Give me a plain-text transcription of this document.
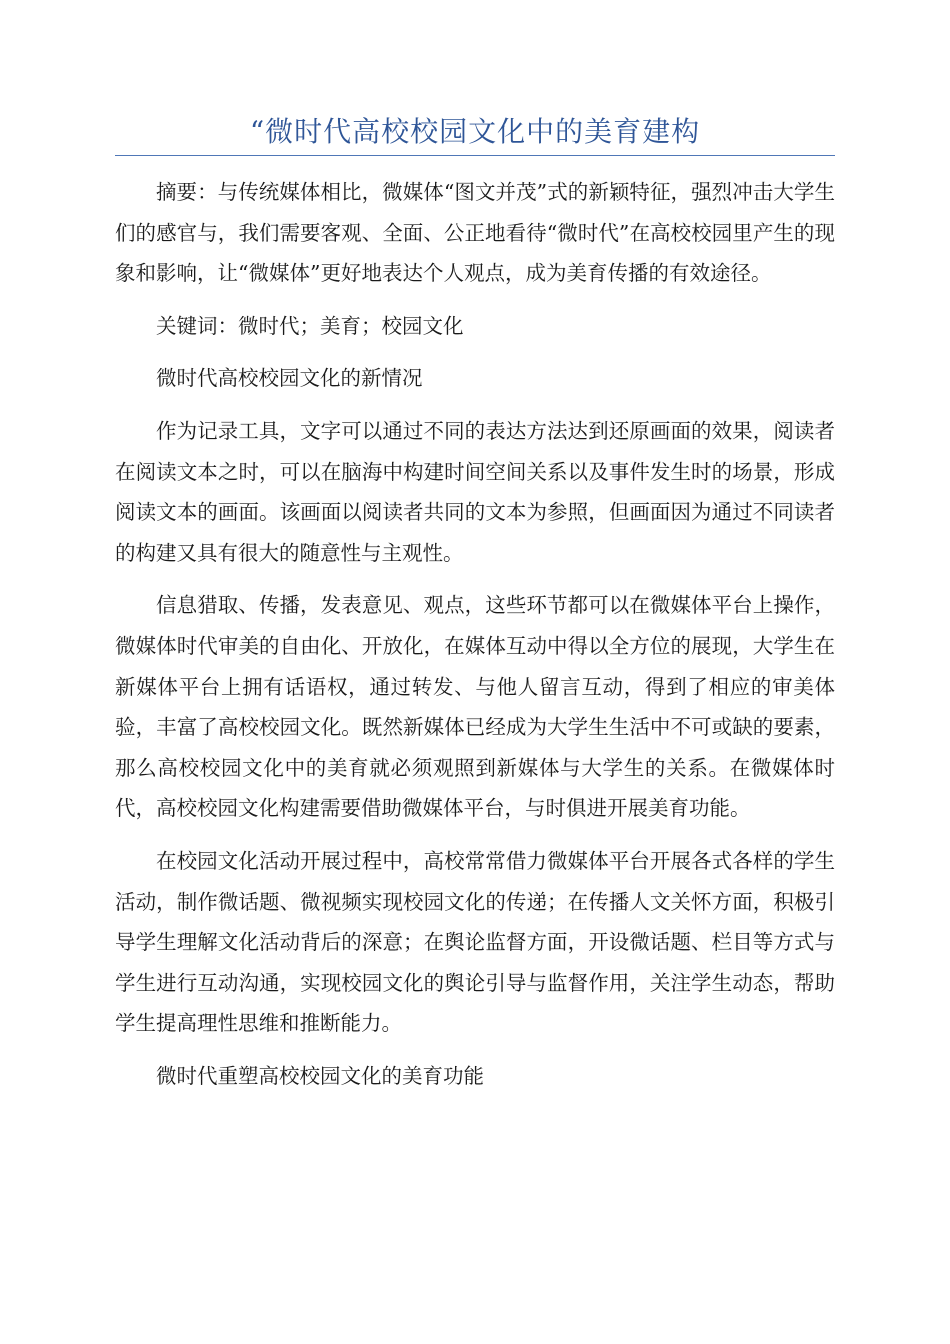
“微时代高校校园文化中的美育建构

摘要：与传统媒体相比，微媒体“图文并茂”式的新颖特征，强烈冲击大学生们的感官与，我们需要客观、全面、公正地看待“微时代”在高校校园里产生的现象和影响，让“微媒体”更好地表达个人观点，成为美育传播的有效途径。

关键词：微时代；美育；校园文化

微时代高校校园文化的新情况

作为记录工具，文字可以通过不同的表达方法达到还原画面的效果，阅读者在阅读文本之时，可以在脑海中构建时间空间关系以及事件发生时的场景，形成阅读文本的画面。该画面以阅读者共同的文本为参照，但画面因为通过不同读者的构建又具有很大的随意性与主观性。

信息猎取、传播，发表意见、观点，这些环节都可以在微媒体平台上操作，微媒体时代审美的自由化、开放化，在媒体互动中得以全方位的展现，大学生在新媒体平台上拥有话语权，通过转发、与他人留言互动，得到了相应的审美体验，丰富了高校校园文化。既然新媒体已经成为大学生生活中不可或缺的要素，那么高校校园文化中的美育就必须观照到新媒体与大学生的关系。在微媒体时代，高校校园文化构建需要借助微媒体平台，与时俱进开展美育功能。

在校园文化活动开展过程中，高校常常借力微媒体平台开展各式各样的学生活动，制作微话题、微视频实现校园文化的传递；在传播人文关怀方面，积极引导学生理解文化活动背后的深意；在舆论监督方面，开设微话题、栏目等方式与学生进行互动沟通，实现校园文化的舆论引导与监督作用，关注学生动态，帮助学生提高理性思维和推断能力。

微时代重塑高校校园文化的美育功能
